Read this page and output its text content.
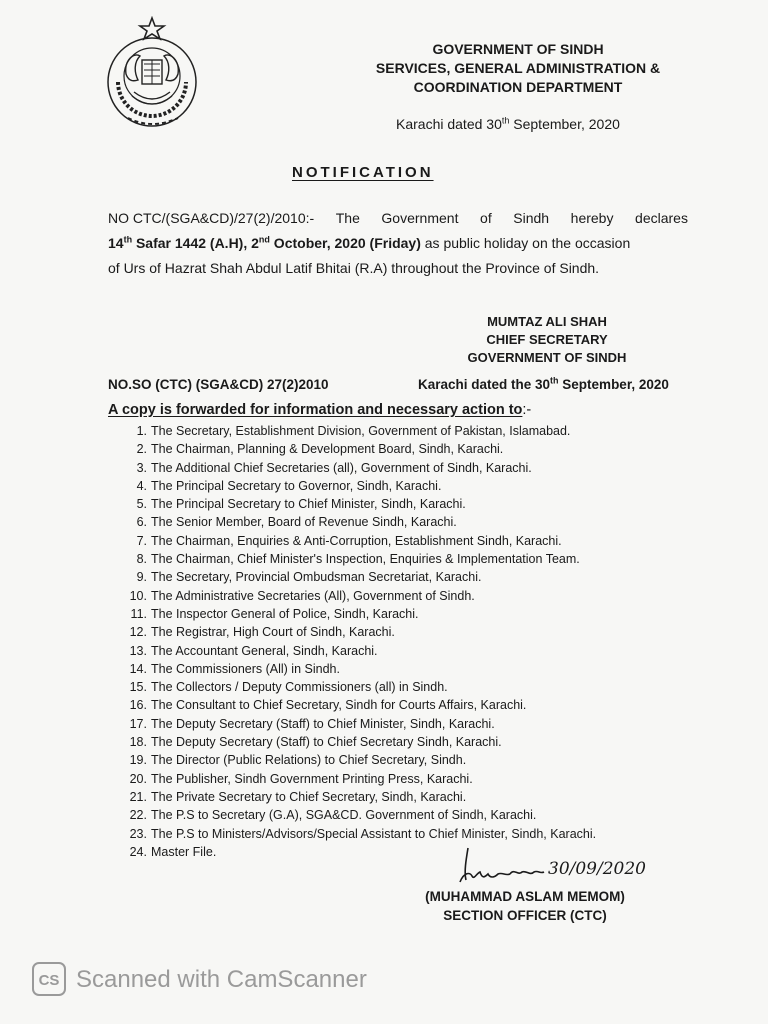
GOVERNMENT OF SINDH
SERVICES, GENERAL ADMINISTRATION &
COORDINATION DEPARTMENT
Karachi dated 30th September, 2020
NOTIFICATION
NO CTC/(SGA&CD)/27(2)/2010:- The Government of Sindh hereby declares
14th Safar 1442 (A.H), 2nd October, 2020 (Friday) as public holiday on the occasion
of Urs of Hazrat Shah Abdul Latif Bhitai (R.A) throughout the Province of Sindh.
MUMTAZ ALI SHAH
CHIEF SECRETARY
GOVERNMENT OF SINDH
NO.SO (CTC) (SGA&CD) 27(2)2010	Karachi dated the 30th September, 2020
A copy is forwarded for information and necessary action to:-
1. The Secretary, Establishment Division, Government of Pakistan, Islamabad.
2. The Chairman, Planning & Development Board, Sindh, Karachi.
3. The Additional Chief Secretaries (all), Government of Sindh, Karachi.
4. The Principal Secretary to Governor, Sindh, Karachi.
5. The Principal Secretary to Chief Minister, Sindh, Karachi.
6. The Senior Member, Board of Revenue Sindh, Karachi.
7. The Chairman, Enquiries & Anti-Corruption, Establishment Sindh, Karachi.
8. The Chairman, Chief Minister's Inspection, Enquiries & Implementation Team.
9. The Secretary, Provincial Ombudsman Secretariat, Karachi.
10. The Administrative Secretaries (All), Government of Sindh.
11. The Inspector General of Police, Sindh, Karachi.
12. The Registrar, High Court of Sindh, Karachi.
13. The Accountant General, Sindh, Karachi.
14. The Commissioners (All) in Sindh.
15. The Collectors / Deputy Commissioners (all) in Sindh.
16. The Consultant to Chief Secretary, Sindh for Courts Affairs, Karachi.
17. The Deputy Secretary (Staff) to Chief Minister, Sindh, Karachi.
18. The Deputy Secretary (Staff) to Chief Secretary Sindh, Karachi.
19. The Director (Public Relations) to Chief Secretary, Sindh.
20. The Publisher, Sindh Government Printing Press, Karachi.
21. The Private Secretary to Chief Secretary, Sindh, Karachi.
22. The P.S to Secretary (G.A), SGA&CD. Government of Sindh, Karachi.
23. The P.S to Ministers/Advisors/Special Assistant to Chief Minister, Sindh, Karachi.
24. Master File.
30/09/2020
(MUHAMMAD ASLAM MEMOM)
SECTION OFFICER (CTC)
CS Scanned with CamScanner
